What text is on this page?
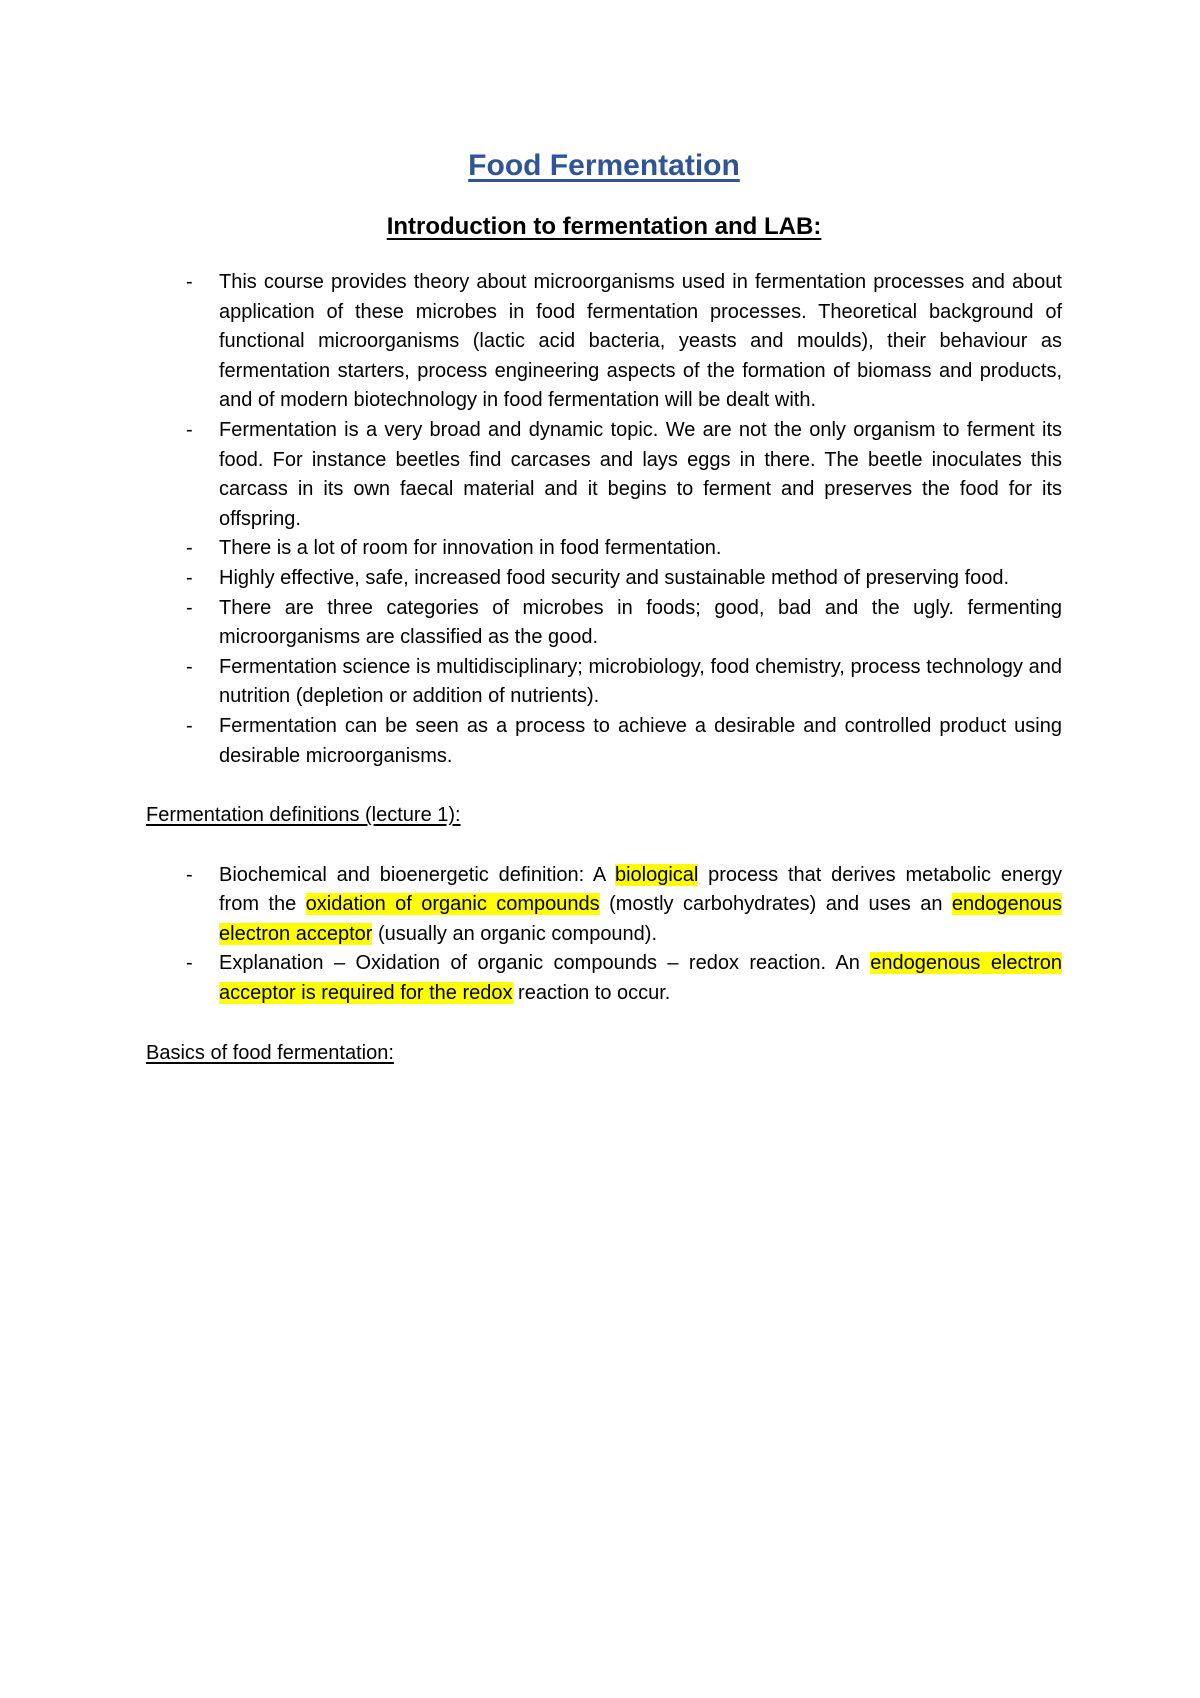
Food Fermentation
Introduction to fermentation and LAB:
- This course provides theory about microorganisms used in fermentation processes and about application of these microbes in food fermentation processes. Theoretical background of functional microorganisms (lactic acid bacteria, yeasts and moulds), their behaviour as fermentation starters, process engineering aspects of the formation of biomass and products, and of modern biotechnology in food fermentation will be dealt with.
- Fermentation is a very broad and dynamic topic. We are not the only organism to ferment its food. For instance beetles find carcases and lays eggs in there. The beetle inoculates this carcass in its own faecal material and it begins to ferment and preserves the food for its offspring.
- There is a lot of room for innovation in food fermentation.
- Highly effective, safe, increased food security and sustainable method of preserving food.
- There are three categories of microbes in foods; good, bad and the ugly. fermenting microorganisms are classified as the good.
- Fermentation science is multidisciplinary; microbiology, food chemistry, process technology and nutrition (depletion or addition of nutrients).
- Fermentation can be seen as a process to achieve a desirable and controlled product using desirable microorganisms.
Fermentation definitions (lecture 1):
- Biochemical and bioenergetic definition: A biological process that derives metabolic energy from the oxidation of organic compounds (mostly carbohydrates) and uses an endogenous electron acceptor (usually an organic compound).
- Explanation – Oxidation of organic compounds – redox reaction. An endogenous electron acceptor is required for the redox reaction to occur.
Basics of food fermentation:
